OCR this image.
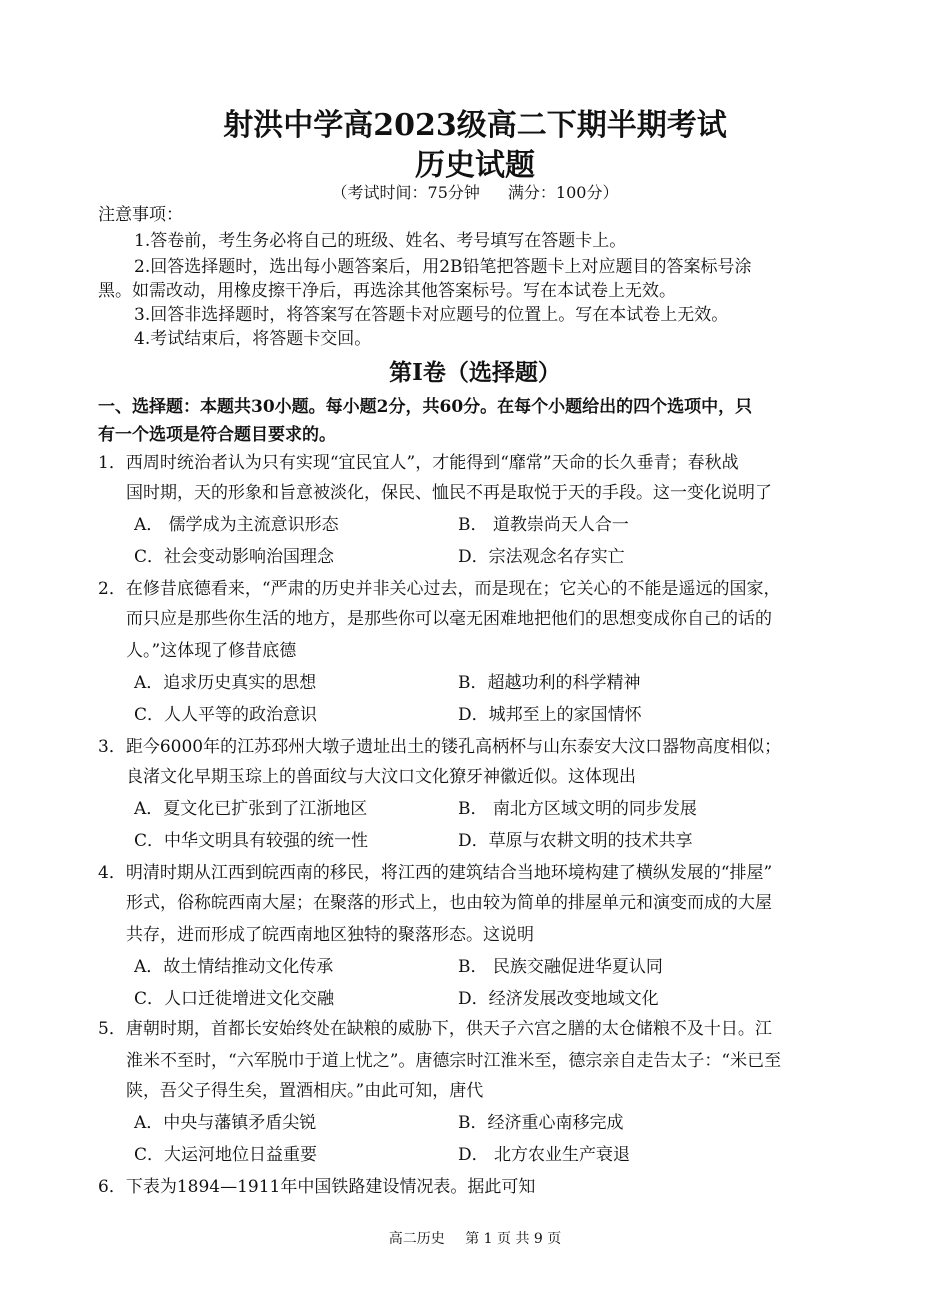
射洪中学高2023级高二下期半期考试
历史试题
（考试时间：75分钟 满分：100分）
注意事项：
1.答卷前，考生务必将自己的班级、姓名、考号填写在答题卡上。
2.回答选择题时，选出每小题答案后，用2B铅笔把答题卡上对应题目的答案标号涂
黑。如需改动，用橡皮擦干净后，再选涂其他答案标号。写在本试卷上无效。
3.回答非选择题时，将答案写在答题卡对应题号的位置上。写在本试卷上无效。
4.考试结束后，将答题卡交回。
第I卷（选择题）
一、选择题：本题共30小题。每小题2分，共60分。在每个小题给出的四个选项中，只
有一个选项是符合题目要求的。
1．西周时统治者认为只有实现“宜民宜人”，才能得到“靡常”天命的长久垂青；春秋战
国时期，天的形象和旨意被淡化，保民、恤民不再是取悦于天的手段。这一变化说明了
A． 儒学成为主流意识形态	B． 道教崇尚天人合一
C．社会变动影响治国理念	D．宗法观念名存实亡
2．在修昔底德看来，“严肃的历史并非关心过去，而是现在；它关心的不能是遥远的国家，
而只应是那些你生活的地方，是那些你可以毫无困难地把他们的思想变成你自己的话的
人。”这体现了修昔底德
A．追求历史真实的思想	B．超越功利的科学精神
C．人人平等的政治意识	D．城邦至上的家国情怀
3．距今6000年的江苏邳州大墩子遗址出土的镂孔高柄杯与山东泰安大汶口器物高度相似；
良渚文化早期玉琮上的兽面纹与大汶口文化獠牙神徽近似。这体现出
A．夏文化已扩张到了江浙地区	B． 南北方区域文明的同步发展
C．中华文明具有较强的统一性	D．草原与农耕文明的技术共享
4．明清时期从江西到皖西南的移民，将江西的建筑结合当地环境构建了横纵发展的“排屋”
形式，俗称皖西南大屋；在聚落的形式上，也由较为简单的排屋单元和演变而成的大屋
共存，进而形成了皖西南地区独特的聚落形态。这说明
A．故土情结推动文化传承	B． 民族交融促进华夏认同
C．人口迁徙增进文化交融	D．经济发展改变地域文化
5．唐朝时期，首都长安始终处在缺粮的威胁下，供天子六宫之膳的太仓储粮不及十日。江
淮米不至时，“六军脱巾于道上忧之”。唐德宗时江淮米至，德宗亲自走告太子：“米已至
陕，吾父子得生矣，置酒相庆。”由此可知，唐代
A．中央与藩镇矛盾尖锐	B．经济重心南移完成
C．大运河地位日益重要	D． 北方农业生产衰退
6．下表为1894—1911年中国铁路建设情况表。据此可知
高二历史 第 1 页 共 9 页
